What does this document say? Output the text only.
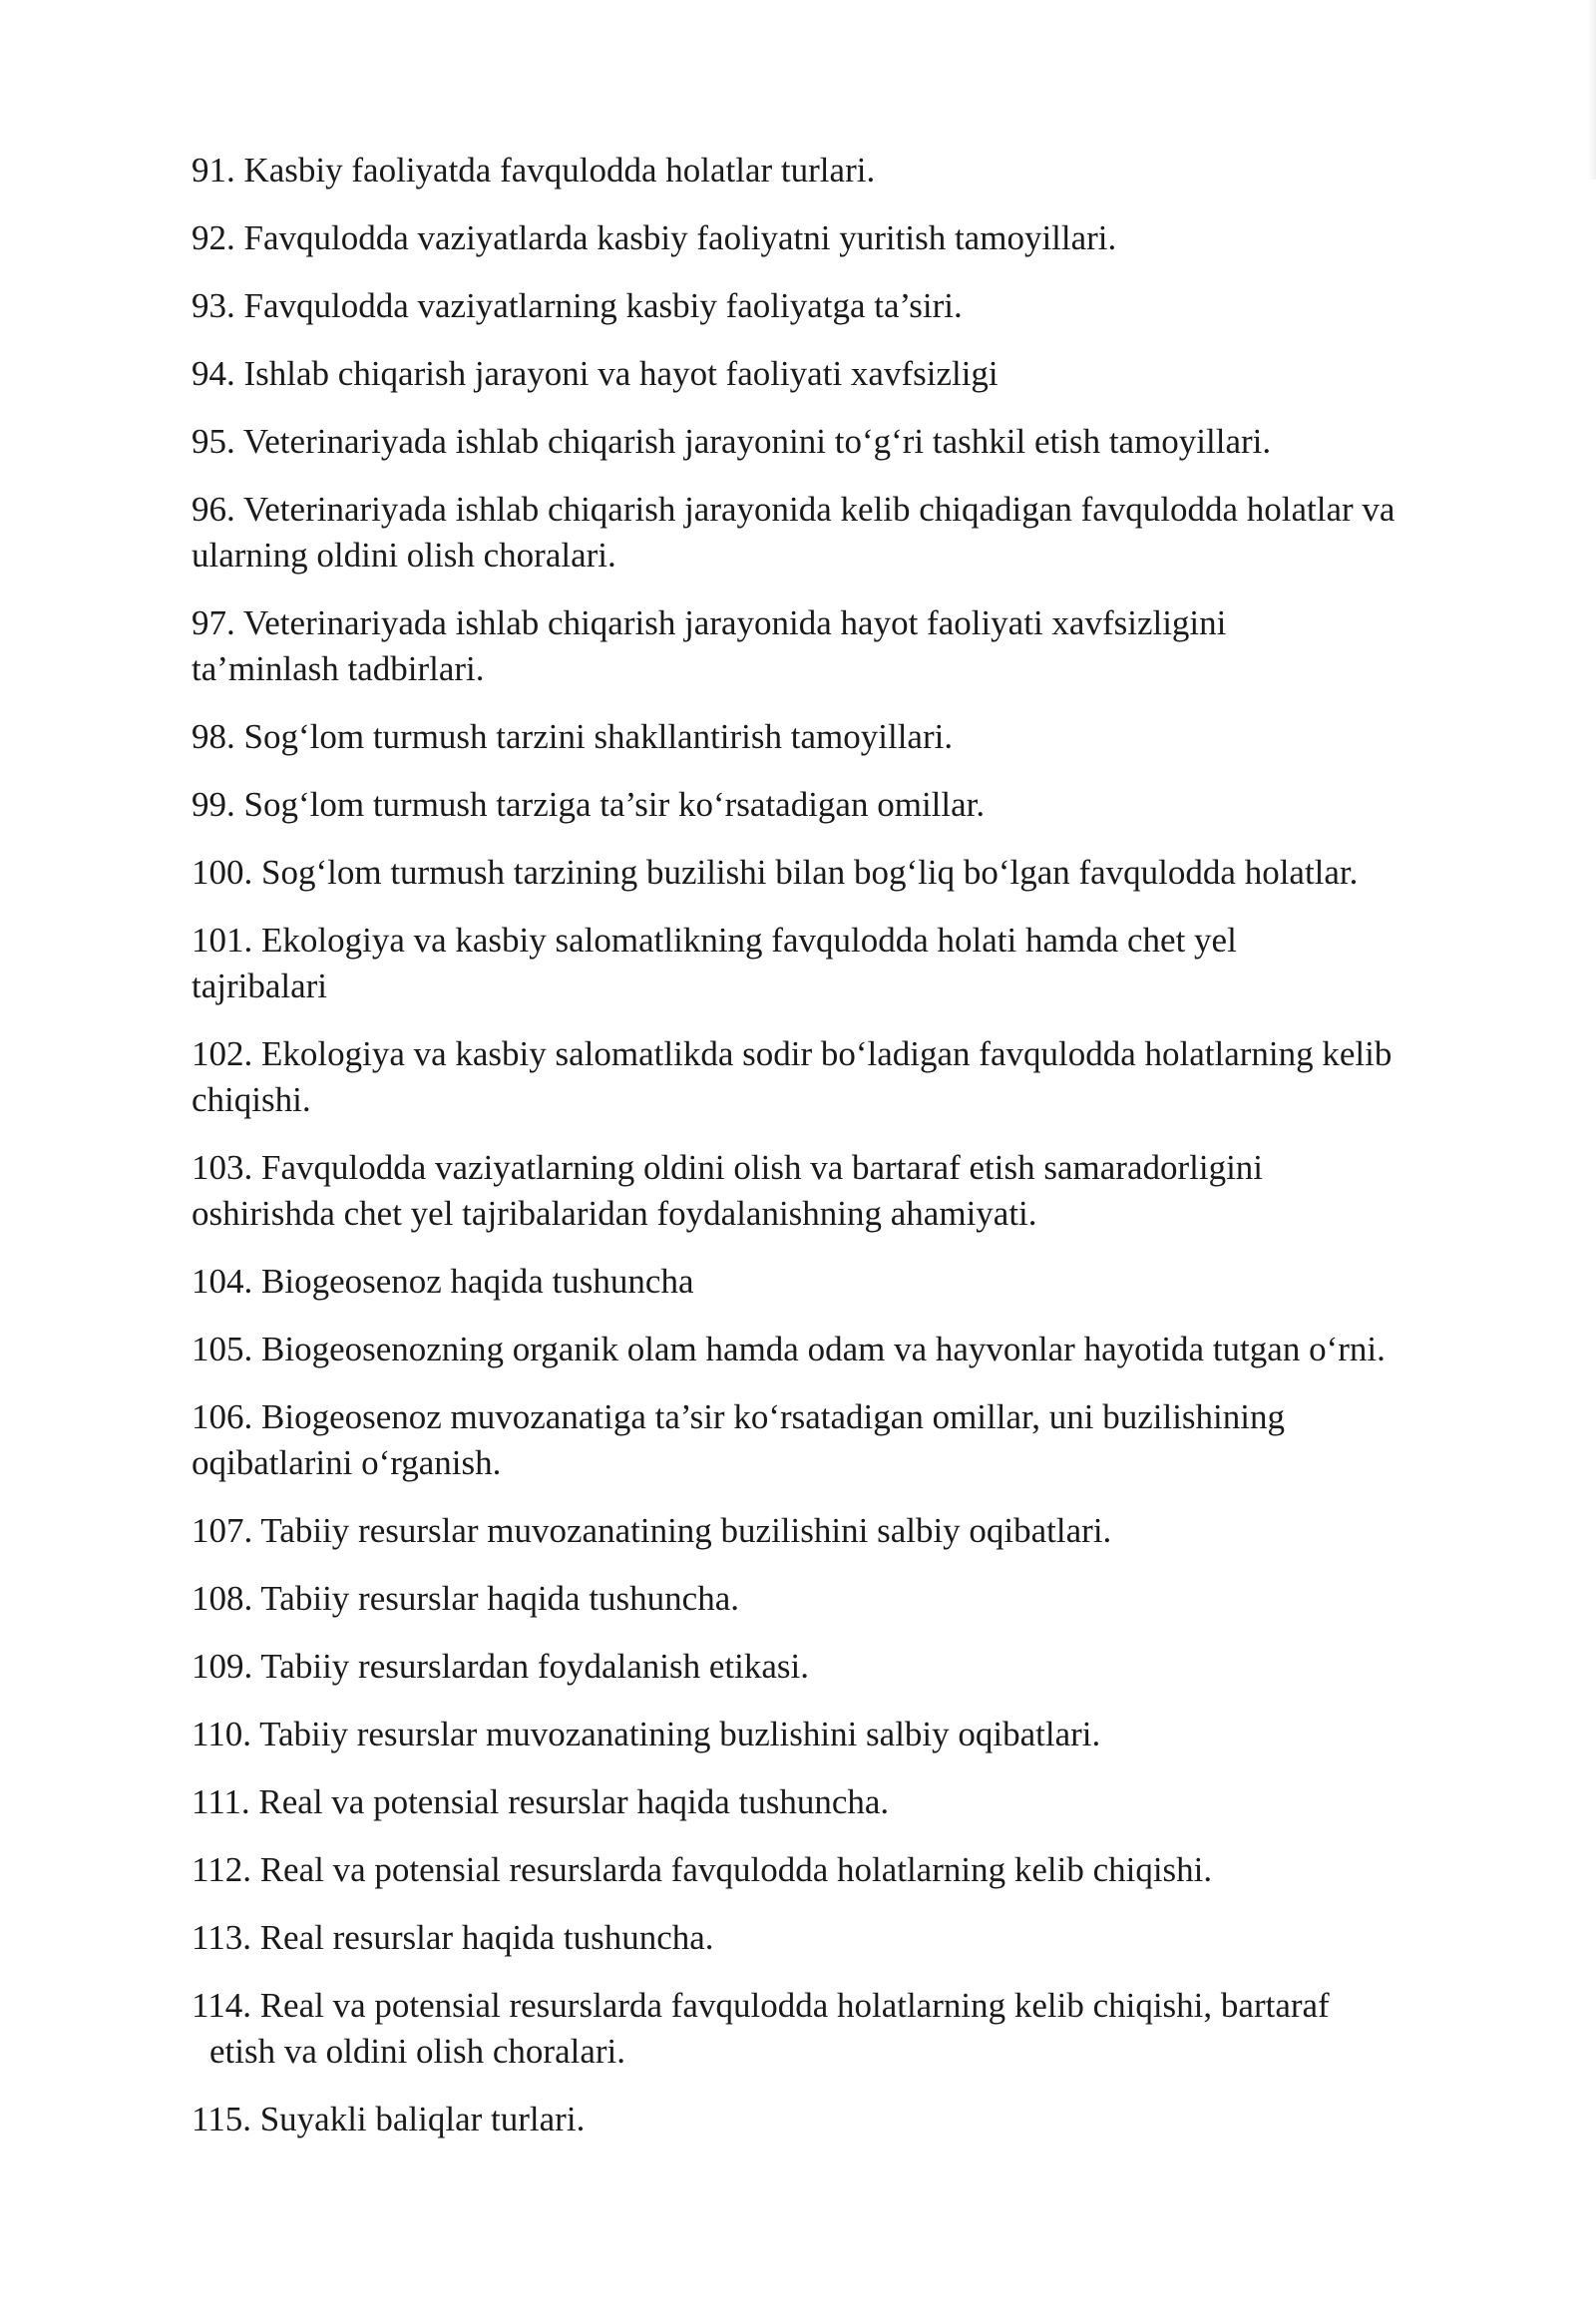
91. Kasbiy faoliyatda favqulodda holatlar turlari.
92. Favqulodda vaziyatlarda kasbiy faoliyatni yuritish tamoyillari.
93. Favqulodda vaziyatlarning kasbiy faoliyatga ta’siri.
94. Ishlab chiqarish jarayoni va hayot faoliyati xavfsizligi
95. Veterinariyada ishlab chiqarish jarayonini to‘g‘ri tashkil etish tamoyillari.
96. Veterinariyada ishlab chiqarish jarayonida kelib chiqadigan favqulodda holatlar va ularning oldini olish choralari.
97. Veterinariyada ishlab chiqarish jarayonida hayot faoliyati xavfsizligini ta’minlash tadbirlari.
98. Sog‘lom turmush tarzini shakllantirish tamoyillari.
99. Sog‘lom turmush tarziga ta’sir ko‘rsatadigan omillar.
100. Sog‘lom turmush tarzining buzilishi bilan bog‘liq bo‘lgan favqulodda holatlar.
101. Ekologiya va kasbiy salomatlikning favqulodda holati hamda chet yel tajribalari
102. Ekologiya va kasbiy salomatlikda sodir bo‘ladigan favqulodda holatlarning kelib chiqishi.
103. Favqulodda vaziyatlarning oldini olish va bartaraf etish samaradorligini oshirishda chet yel tajribalaridan foydalanishning ahamiyati.
104. Biogeosenoz haqida tushuncha
105. Biogeosenozning organik olam hamda odam va hayvonlar hayotida tutgan o‘rni.
106. Biogeosenoz muvozanatiga ta’sir ko‘rsatadigan omillar, uni buzilishining oqibatlarini o‘rganish.
107. Tabiiy resurslar muvozanatining buzilishini salbiy oqibatlari.
108. Tabiiy resurslar haqida tushuncha.
109. Tabiiy resurslardan foydalanish etikasi.
110. Tabiiy resurslar muvozanatining buzlishini salbiy oqibatlari.
111. Real va potensial resurslar haqida tushuncha.
112. Real va potensial resurslarda favqulodda holatlarning kelib chiqishi.
113. Real resurslar haqida tushuncha.
114. Real va potensial resurslarda favqulodda holatlarning kelib chiqishi, bartaraf
etish va oldini olish choralari.
115. Suyakli baliqlar turlari.
